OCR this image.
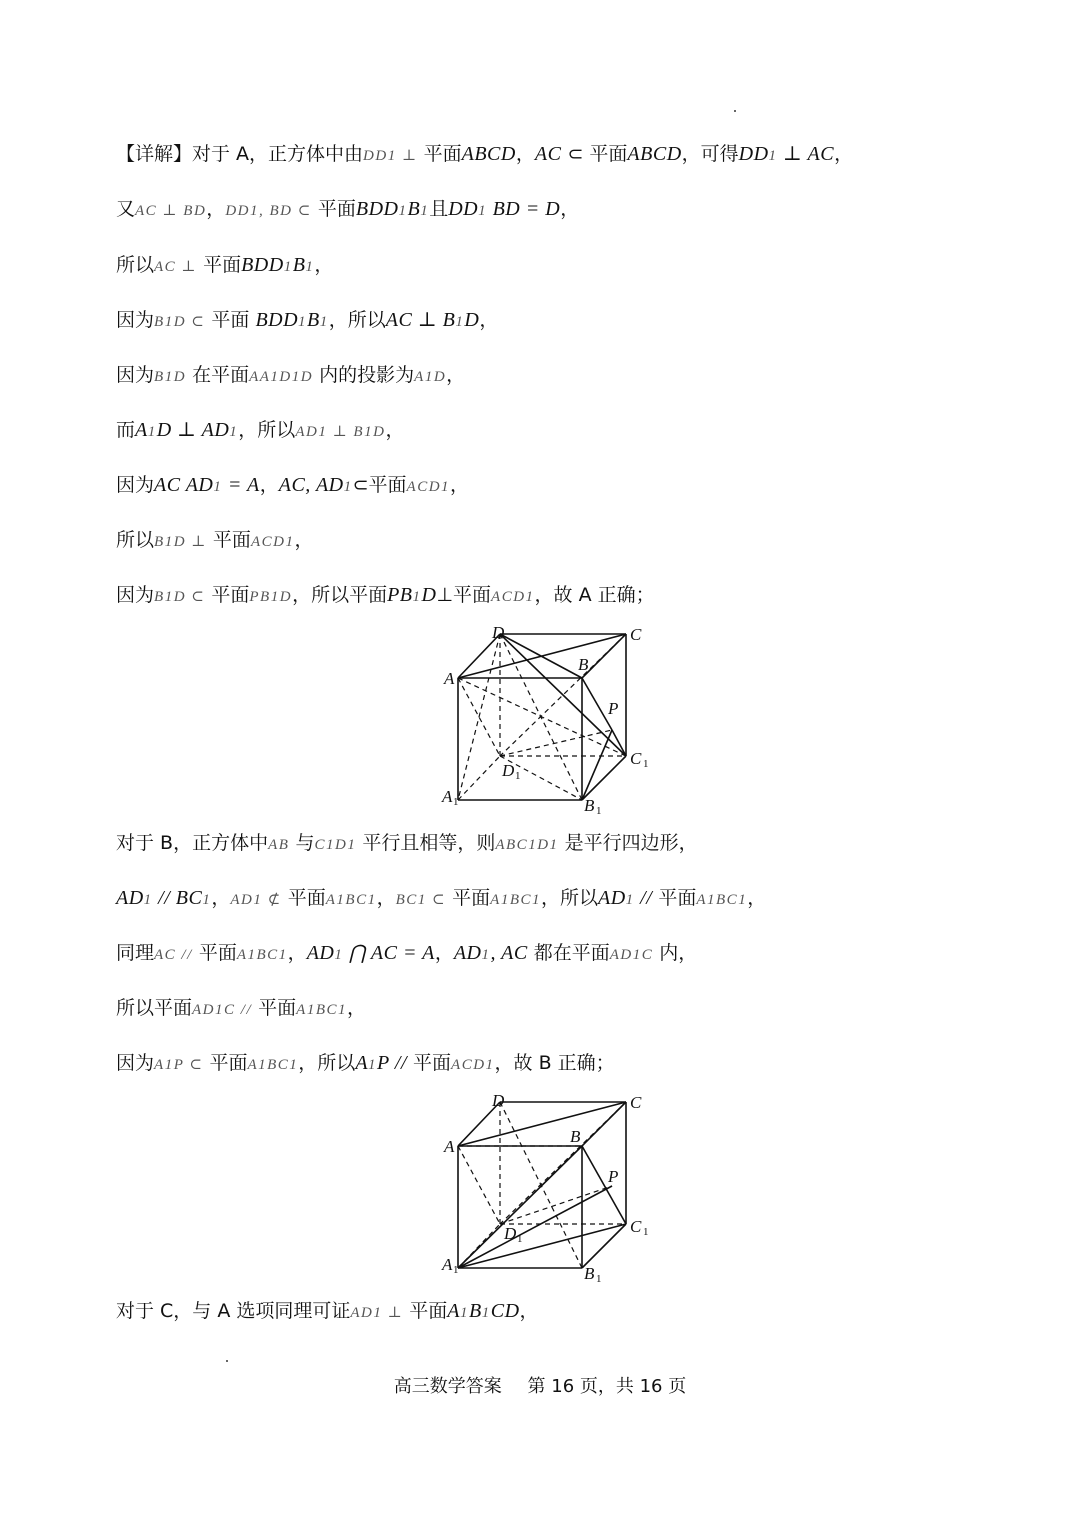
【详解】对于 A，正方体中由DD1 ⊥ 平面ABCD，AC ⊂ 平面ABCD，可得DD1 ⊥ AC，
又AC ⊥ BD，DD1, BD ⊂ 平面BDD1B1且DD1 BD = D，
所以AC ⊥ 平面BDD1B1，
因为B1D ⊂ 平面 BDD1B1，所以AC ⊥ B1D，
因为B1D 在平面AA1D1D 内的投影为A1D，
而A1D ⊥ AD1，所以AD1 ⊥ B1D，
因为AC AD1 = A，AC, AD1⊂平面ACD1，
所以B1D ⊥ 平面ACD1，
因为B1D ⊂ 平面PB1D，所以平面PB1D⊥平面ACD1，故 A 正确；
对于 B，正方体中AB 与C1D1 平行且相等，则ABC1D1 是平行四边形，
AD1 // BC1，AD1 ⊄ 平面A1BC1，BC1 ⊂ 平面A1BC1，所以AD1 // 平面A1BC1，
同理AC // 平面A1BC1，AD1 ⋂ AC = A，AD1, AC 都在平面AD1C 内，
所以平面AD1C // 平面A1BC1，
因为A1P ⊂ 平面A1BC1，所以A1P // 平面ACD1，故 B 正确；
对于 C，与 A 选项同理可证AD1 ⊥ 平面A1B1CD，
D	C
A
B
P
C 1
D 1
A 1	B 1
D	C
A
B
P
C 1
D 1
A 1	B 1
高三数学答案 第 16 页，共 16 页
